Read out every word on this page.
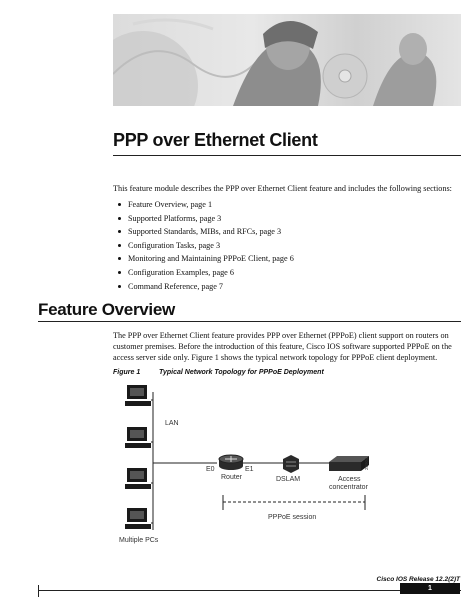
PPP over Ethernet Client

This feature module describes the PPP over Ethernet Client feature and includes the following sections:

Feature Overview, page 1
Supported Platforms, page 3
Supported Standards, MIBs, and RFCs, page 3
Configuration Tasks, page 3
Monitoring and Maintaining PPPoE Client, page 6
Configuration Examples, page 6
Command Reference, page 7
Feature Overview

The PPP over Ethernet Client feature provides PPP over Ethernet (PPPoE) client support on routers on customer premises. Before the introduction of this feature, Cisco IOS software supported PPPoE on the access server side only. Figure 1 shows the typical network topology for PPPoE client deployment.

Figure 1	Typical Network Topology for PPPoE Deployment
LAN
E0	E1
Router	DSLAM	Access
concentrator
28904
PPPoE session
Multiple PCs
Cisco IOS Release 12.2(2)T
1
